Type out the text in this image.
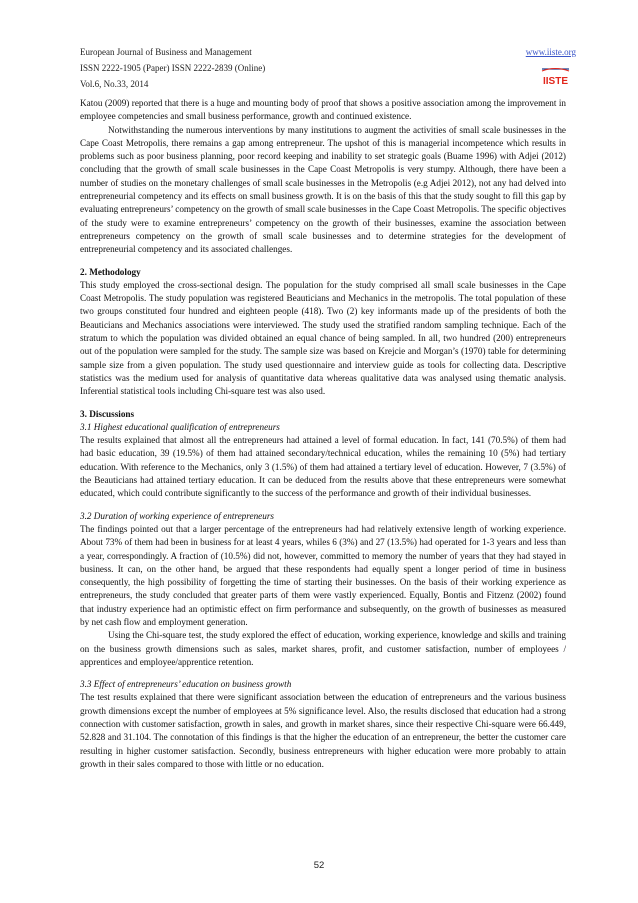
European Journal of Business and Management
ISSN 2222-1905 (Paper) ISSN 2222-2839 (Online)
Vol.6, No.33, 2014
www.iiste.org
IISTE

Katou (2009) reported that there is a huge and mounting body of proof that shows a positive association among the improvement in employee competencies and small business performance, growth and continued existence.

Notwithstanding the numerous interventions by many institutions to augment the activities of small scale businesses in the Cape Coast Metropolis, there remains a gap among entrepreneur. The upshot of this is managerial incompetence which results in problems such as poor business planning, poor record keeping and inability to set strategic goals (Buame 1996) with Adjei (2012) concluding that the growth of small scale businesses in the Cape Coast Metropolis is very stumpy. Although, there have been a number of studies on the monetary challenges of small scale businesses in the Metropolis (e.g Adjei 2012), not any had delved into entrepreneurial competency and its effects on small business growth. It is on the basis of this that the study sought to fill this gap by evaluating entrepreneurs’ competency on the growth of small scale businesses in the Cape Coast Metropolis. The specific objectives of the study were to examine entrepreneurs’ competency on the growth of their businesses, examine the association between entrepreneurs competency on the growth of small scale businesses and to determine strategies for the development of entrepreneurial competency and its associated challenges.

2. Methodology

This study employed the cross-sectional design. The population for the study comprised all small scale businesses in the Cape Coast Metropolis. The study population was registered Beauticians and Mechanics in the metropolis. The total population of these two groups constituted four hundred and eighteen people (418). Two (2) key informants made up of the presidents of both the Beauticians and Mechanics associations were interviewed. The study used the stratified random sampling technique. Each of the stratum to which the population was divided obtained an equal chance of being sampled. In all, two hundred (200) entrepreneurs out of the population were sampled for the study. The sample size was based on Krejcie and Morgan’s (1970) table for determining sample size from a given population. The study used questionnaire and interview guide as tools for collecting data. Descriptive statistics was the medium used for analysis of quantitative data whereas qualitative data was analysed using thematic analysis. Inferential statistical tools including Chi-square test was also used.

3. Discussions

3.1 Highest educational qualification of entrepreneurs

The results explained that almost all the entrepreneurs had attained a level of formal education. In fact, 141 (70.5%) of them had had basic education, 39 (19.5%) of them had attained secondary/technical education, whiles the remaining 10 (5%) had tertiary education. With reference to the Mechanics, only 3 (1.5%) of them had attained a tertiary level of education. However, 7 (3.5%) of the Beauticians had attained tertiary education. It can be deduced from the results above that these entrepreneurs were somewhat educated, which could contribute significantly to the success of the performance and growth of their individual businesses.

3.2 Duration of working experience of entrepreneurs

The findings pointed out that a larger percentage of the entrepreneurs had had relatively extensive length of working experience. About 73% of them had been in business for at least 4 years, whiles 6 (3%) and 27 (13.5%) had operated for 1-3 years and less than a year, correspondingly. A fraction of (10.5%) did not, however, committed to memory the number of years that they had stayed in business. It can, on the other hand, be argued that these respondents had equally spent a longer period of time in business consequently, the high possibility of forgetting the time of starting their businesses. On the basis of their working experience as entrepreneurs, the study concluded that greater parts of them were vastly experienced. Equally, Bontis and Fitzenz (2002) found that industry experience had an optimistic effect on firm performance and subsequently, on the growth of businesses as measured by net cash flow and employment generation.

Using the Chi-square test, the study explored the effect of education, working experience, knowledge and skills and training on the business growth dimensions such as sales, market shares, profit, and customer satisfaction, number of employees / apprentices and employee/apprentice retention.

3.3 Effect of entrepreneurs’ education on business growth

The test results explained that there were significant association between the education of entrepreneurs and the various business growth dimensions except the number of employees at 5% significance level. Also, the results disclosed that education had a strong connection with customer satisfaction, growth in sales, and growth in market shares, since their respective Chi-square were 66.449, 52.828 and 31.104. The connotation of this findings is that the higher the education of an entrepreneur, the better the customer care resulting in higher customer satisfaction. Secondly, business entrepreneurs with higher education were more probably to attain growth in their sales compared to those with little or no education.

52
